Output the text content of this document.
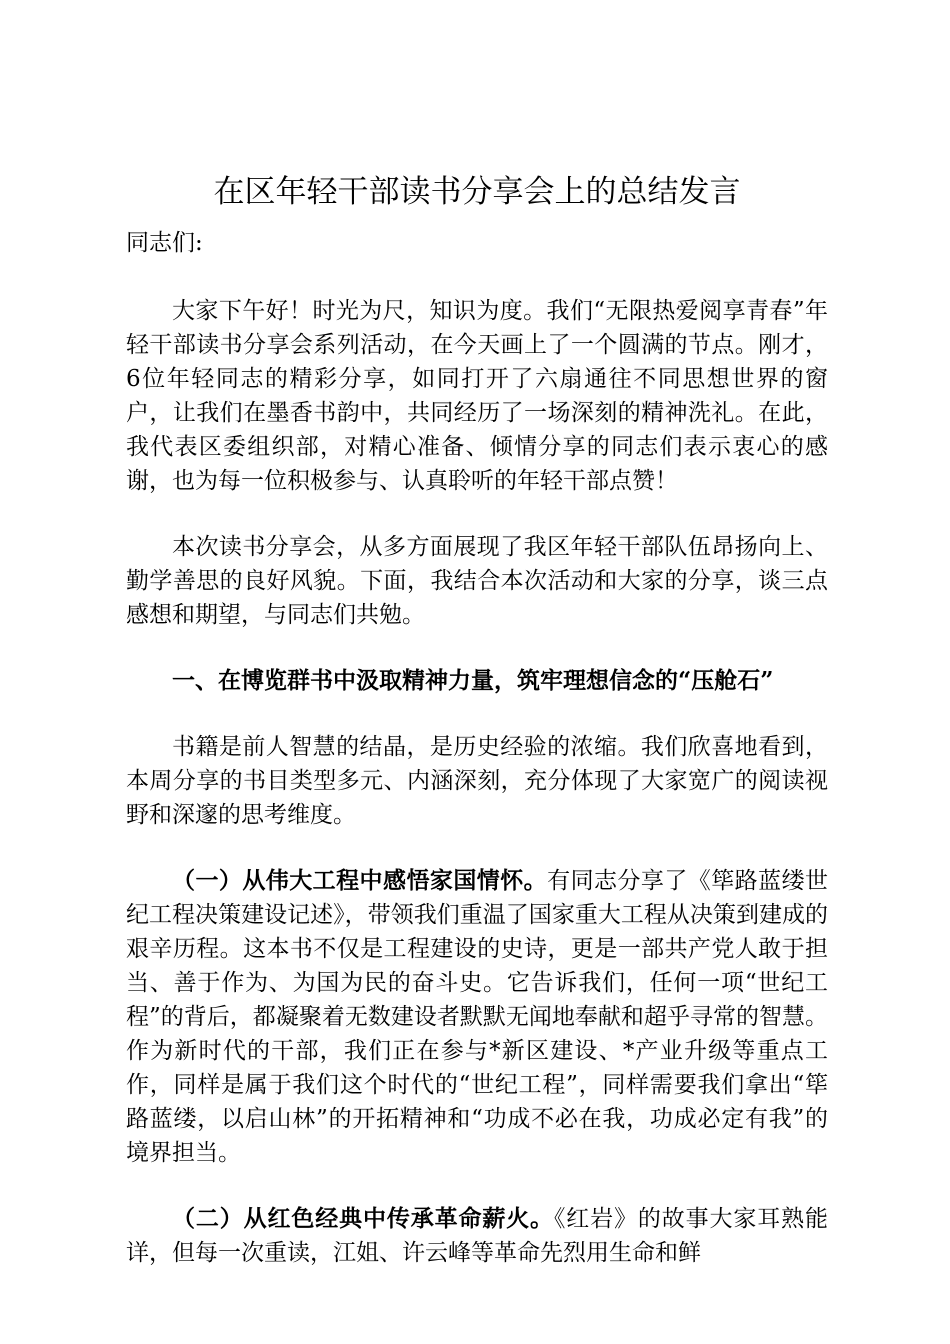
在区年轻干部读书分享会上的总结发言
同志们:

大家下午好！时光为尺，知识为度。我们“无限热爱阅享青春”年轻干部读书分享会系列活动，在今天画上了一个圆满的节点。刚才，6位年轻同志的精彩分享，如同打开了六扇通往不同思想世界的窗户，让我们在墨香书韵中，共同经历了一场深刻的精神洗礼。在此，我代表区委组织部，对精心准备、倾情分享的同志们表示衷心的感谢，也为每一位积极参与、认真聆听的年轻干部点赞！

本次读书分享会，从多方面展现了我区年轻干部队伍昂扬向上、勤学善思的良好风貌。下面，我结合本次活动和大家的分享，谈三点感想和期望，与同志们共勉。

一、在博览群书中汲取精神力量，筑牢理想信念的“压舱石”

书籍是前人智慧的结晶，是历史经验的浓缩。我们欣喜地看到，本周分享的书目类型多元、内涵深刻，充分体现了大家宽广的阅读视野和深邃的思考维度。

（一）从伟大工程中感悟家国情怀。有同志分享了《筚路蓝缕世纪工程决策建设记述》，带领我们重温了国家重大工程从决策到建成的艰辛历程。这本书不仅是工程建设的史诗，更是一部共产党人敢于担当、善于作为、为国为民的奋斗史。它告诉我们，任何一项“世纪工程”的背后，都凝聚着无数建设者默默无闻地奉献和超乎寻常的智慧。作为新时代的干部，我们正在参与*新区建设、*产业升级等重点工作，同样是属于我们这个时代的“世纪工程”，同样需要我们拿出“筚路蓝缕，以启山林”的开拓精神和“功成不必在我，功成必定有我”的境界担当。

（二）从红色经典中传承革命薪火。《红岩》的故事大家耳熟能详，但每一次重读，江姐、许云峰等革命先烈用生命和鲜
